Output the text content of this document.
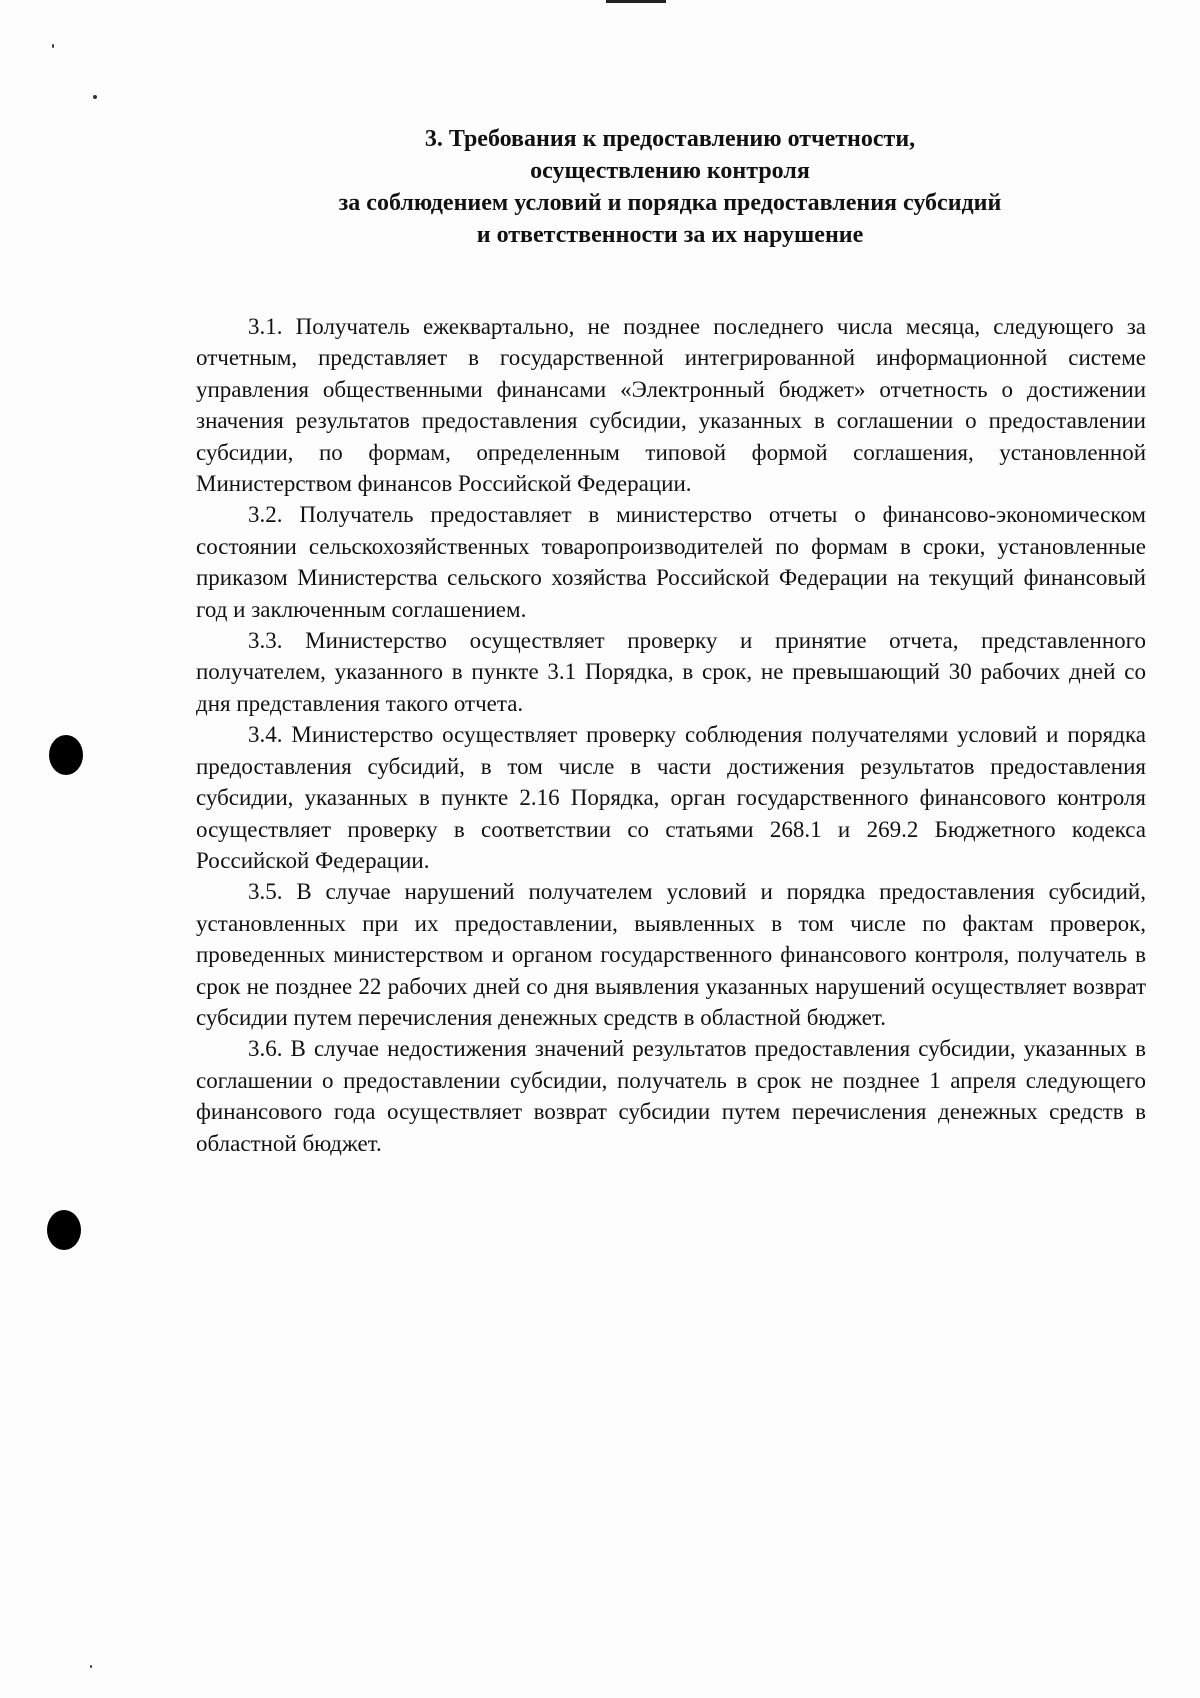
3. Требования к предоставлению отчетности,
осуществлению контроля
за соблюдением условий и порядка предоставления субсидий
и ответственности за их нарушение

3.1. Получатель ежеквартально, не позднее последнего числа месяца, следующего за отчетным, представляет в государственной интегрированной информационной системе управления общественными финансами «Электронный бюджет» отчетность о достижении значения результатов предоставления субсидии, указанных в соглашении о предоставлении субсидии, по формам, определенным типовой формой соглашения, установленной Министерством финансов Российской Федерации.

3.2. Получатель предоставляет в министерство отчеты о финансово-экономическом состоянии сельскохозяйственных товаропроизводителей по формам в сроки, установленные приказом Министерства сельского хозяйства Российской Федерации на текущий финансовый год и заключенным соглашением.

3.3. Министерство осуществляет проверку и принятие отчета, представленного получателем, указанного в пункте 3.1 Порядка, в срок, не превышающий 30 рабочих дней со дня представления такого отчета.

3.4. Министерство осуществляет проверку соблюдения получателями условий и порядка предоставления субсидий, в том числе в части достижения результатов предоставления субсидии, указанных в пункте 2.16 Порядка, орган государственного финансового контроля осуществляет проверку в соответствии со статьями 268.1 и 269.2 Бюджетного кодекса Российской Федерации.

3.5. В случае нарушений получателем условий и порядка предоставления субсидий, установленных при их предоставлении, выявленных в том числе по фактам проверок, проведенных министерством и органом государственного финансового контроля, получатель в срок не позднее 22 рабочих дней со дня выявления указанных нарушений осуществляет возврат субсидии путем перечисления денежных средств в областной бюджет.

3.6. В случае недостижения значений результатов предоставления субсидии, указанных в соглашении о предоставлении субсидии, получатель в срок не позднее 1 апреля следующего финансового года осуществляет возврат субсидии путем перечисления денежных средств в областной бюджет.
